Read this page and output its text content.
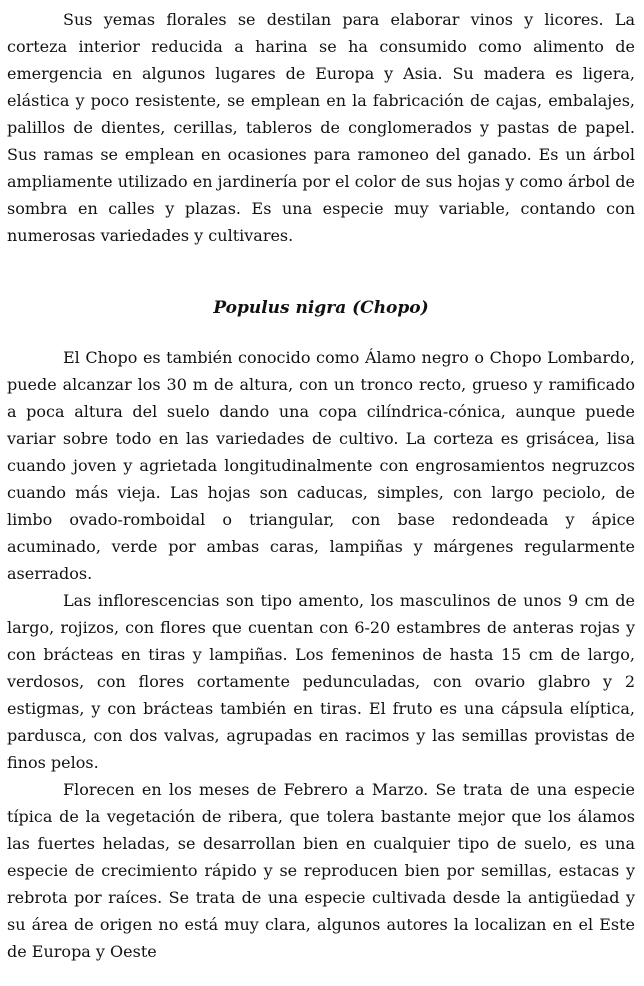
Sus yemas florales se destilan para elaborar vinos y licores. La corteza interior reducida a harina se ha consumido como alimento de emergencia en algunos lugares de Europa y Asia. Su madera es ligera, elástica y poco resistente, se emplean en la fabricación de cajas, embalajes, palillos de dientes, cerillas, tableros de conglomerados y pastas de papel. Sus ramas se emplean en ocasiones para ramoneo del ganado. Es un árbol ampliamente utilizado en jardinería por el color de sus hojas y como árbol de sombra en calles y plazas. Es una especie muy variable, contando con numerosas variedades y cultivares.

Populus nigra (Chopo)

El Chopo es también conocido como Álamo negro o Chopo Lombardo, puede alcanzar los 30 m de altura, con un tronco recto, grueso y ramificado a poca altura del suelo dando una copa cilíndrica-cónica, aunque puede variar sobre todo en las variedades de cultivo. La corteza es grisácea, lisa cuando joven y agrietada longitudinalmente con engrosamientos negruzcos cuando más vieja. Las hojas son caducas, simples, con largo peciolo, de limbo ovado-romboidal o triangular, con base redondeada y ápice acuminado, verde por ambas caras, lampiñas y márgenes regularmente aserrados.

Las inflorescencias son tipo amento, los masculinos de unos 9 cm de largo, rojizos, con flores que cuentan con 6-20 estambres de anteras rojas y con brácteas en tiras y lampiñas. Los femeninos de hasta 15 cm de largo, verdosos, con flores cortamente pedunculadas, con ovario glabro y 2 estigmas, y con brácteas también en tiras. El fruto es una cápsula elíptica, pardusca, con dos valvas, agrupadas en racimos y las semillas provistas de finos pelos.

Florecen en los meses de Febrero a Marzo. Se trata de una especie típica de la vegetación de ribera, que tolera bastante mejor que los álamos las fuertes heladas, se desarrollan bien en cualquier tipo de suelo, es una especie de crecimiento rápido y se reproducen bien por semillas, estacas y rebrota por raíces. Se trata de una especie cultivada desde la antigüedad y su área de origen no está muy clara, algunos autores la localizan en el Este de Europa y Oeste
